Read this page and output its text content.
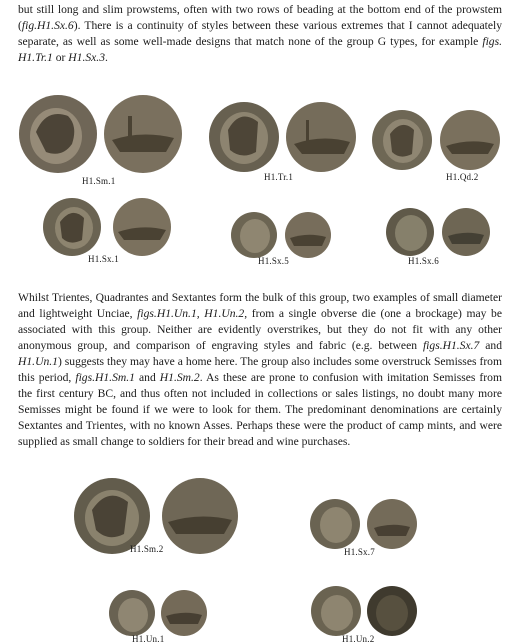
but still long and slim prowstems, often with two rows of beading at the bottom end of the prowstem (fig.H1.Sx.6). There is a continuity of styles between these various extremes that I cannot adequately separate, as well as some well-made designs that match none of the group G types, for example figs. H1.Tr.1 or H1.Sx.3.

H1.Sm.1	H1.Tr.1	H1.Qd.2
H1.Sx.1	H1.Sx.5	H1.Sx.6

Whilst Trientes, Quadrantes and Sextantes form the bulk of this group, two examples of small diameter and lightweight Unciae, figs.H1.Un.1, H1.Un.2, from a single obverse die (one a brockage) may be associated with this group. Neither are evidently overstrikes, but they do not fit with any other anonymous group, and comparison of engraving styles and fabric (e.g. between figs.H1.Sx.7 and H1.Un.1) suggests they may have a home here. The group also includes some overstruck Semisses from this period, figs.H1.Sm.1 and H1.Sm.2. As these are prone to confusion with imitation Semisses from the first century BC, and thus often not included in collections or sales listings, no doubt many more Semisses might be found if we were to look for them. The predominant denominations are certainly Sextantes and Trientes, with no known Asses. Perhaps these were the product of camp mints, and were supplied as small change to soldiers for their bread and wine purchases.

H1.Sm.2	H1.Sx.7
H1.Un.1	H1.Un.2
